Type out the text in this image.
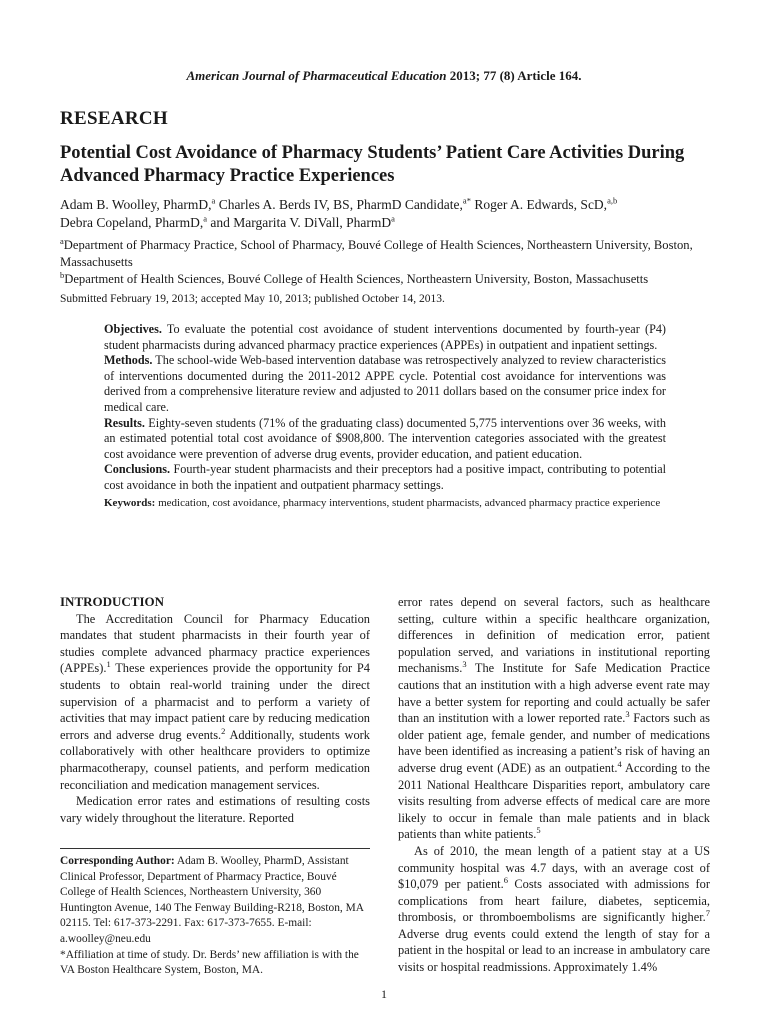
American Journal of Pharmaceutical Education 2013; 77 (8) Article 164.
RESEARCH
Potential Cost Avoidance of Pharmacy Students’ Patient Care Activities During Advanced Pharmacy Practice Experiences
Adam B. Woolley, PharmD,$^a$ Charles A. Berds IV, BS, PharmD Candidate,$^{a*}$ Roger A. Edwards, ScD,$^{a,b}$
Debra Copeland, PharmD,$^a$ and Margarita V. DiVall, PharmD$^a$

$^a$Department of Pharmacy Practice, School of Pharmacy, Bouvé College of Health Sciences, Northeastern University, Boston, Massachusetts

$^b$Department of Health Sciences, Bouvé College of Health Sciences, Northeastern University, Boston, Massachusetts

Submitted February 19, 2013; accepted May 10, 2013; published October 14, 2013.

Objectives. To evaluate the potential cost avoidance of student interventions documented by fourth-year (P4) student pharmacists during advanced pharmacy practice experiences (APPEs) in outpatient and inpatient settings.

Methods. The school-wide Web-based intervention database was retrospectively analyzed to review characteristics of interventions documented during the 2011-2012 APPE cycle. Potential cost avoidance for interventions was derived from a comprehensive literature review and adjusted to 2011 dollars based on the consumer price index for medical care.

Results. Eighty-seven students (71% of the graduating class) documented 5,775 interventions over 36 weeks, with an estimated potential total cost avoidance of $908,800. The intervention categories associated with the greatest cost avoidance were prevention of adverse drug events, provider education, and patient education.

Conclusions. Fourth-year student pharmacists and their preceptors had a positive impact, contributing to potential cost avoidance in both the inpatient and outpatient pharmacy settings.

Keywords: medication, cost avoidance, pharmacy interventions, student pharmacists, advanced pharmacy practice experience

INTRODUCTION

The Accreditation Council for Pharmacy Education mandates that student pharmacists in their fourth year of studies complete advanced pharmacy practice experiences (APPEs).$^1$ These experiences provide the opportunity for P4 students to obtain real-world training under the direct supervision of a pharmacist and to perform a variety of activities that may impact patient care by reducing medication errors and adverse drug events.$^2$ Additionally, students work collaboratively with other healthcare providers to optimize pharmacotherapy, counsel patients, and perform medication reconciliation and medication management services.

Medication error rates and estimations of resulting costs vary widely throughout the literature. Reported

Corresponding Author: Adam B. Woolley, PharmD, Assistant Clinical Professor, Department of Pharmacy Practice, Bouvé College of Health Sciences, Northeastern University, 360 Huntington Avenue, 140 The Fenway Building-R218, Boston, MA 02115. Tel: 617-373-2291. Fax: 617-373-7655. E-mail: a.woolley@neu.edu

*Affiliation at time of study. Dr. Berds’ new affiliation is with the VA Boston Healthcare System, Boston, MA.

error rates depend on several factors, such as healthcare setting, culture within a specific healthcare organization, differences in definition of medication error, patient population served, and variations in institutional reporting mechanisms.$^3$ The Institute for Safe Medication Practice cautions that an institution with a high adverse event rate may have a better system for reporting and could actually be safer than an institution with a lower reported rate.$^3$ Factors such as older patient age, female gender, and number of medications have been identified as increasing a patient’s risk of having an adverse drug event (ADE) as an outpatient.$^4$ According to the 2011 National Healthcare Disparities report, ambulatory care visits resulting from adverse effects of medical care are more likely to occur in female than male patients and in black patients than white patients.$^5$

As of 2010, the mean length of a patient stay at a US community hospital was 4.7 days, with an average cost of $10,079 per patient.$^6$ Costs associated with admissions for complications from heart failure, diabetes, septicemia, thrombosis, or thromboembolisms are significantly higher.$^7$ Adverse drug events could extend the length of stay for a patient in the hospital or lead to an increase in ambulatory care visits or hospital readmissions. Approximately 1.4%

1
